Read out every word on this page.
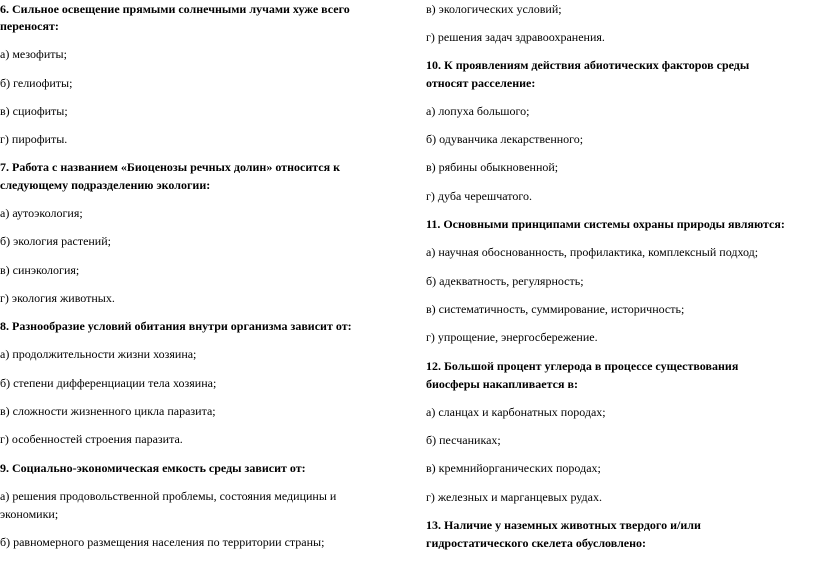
6. Сильное освещение прямыми солнечными лучами хуже всего
переносят:
а) мезофиты;
б) гелиофиты;
в) сциофиты;
г) пирофиты.
7. Работа с названием «Биоценозы речных долин» относится к
следующему подразделению экологии:
а) аутоэкология;
б) экология растений;
в) синэкология;
г) экология животных.
8. Разнообразие условий обитания внутри организма зависит от:
а) продолжительности жизни хозяина;
б) степени дифференциации тела хозяина;
в) сложности жизненного цикла паразита;
г) особенностей строения паразита.
9. Социально-экономическая емкость среды зависит от:
а) решения продовольственной проблемы, состояния медицины и
экономики;
б) равномерного размещения населения по территории страны;
в) экологических условий;
г) решения задач здравоохранения.
10. К проявлениям действия абиотических факторов среды
относят расселение:
а) лопуха большого;
б) одуванчика лекарственного;
в) рябины обыкновенной;
г) дуба черешчатого.
11. Основными принципами системы охраны природы являются:
а) научная обоснованность, профилактика, комплексный подход;
б) адекватность, регулярность;
в) систематичность, суммирование, историчность;
г) упрощение, энергосбережение.
12. Большой процент углерода в процессе существования
биосферы накапливается в:
а) сланцах и карбонатных породах;
б) песчаниках;
в) кремнийорганических породах;
г) железных и марганцевых рудах.
13. Наличие у наземных животных твердого и/или
гидростатического скелета обусловлено:
